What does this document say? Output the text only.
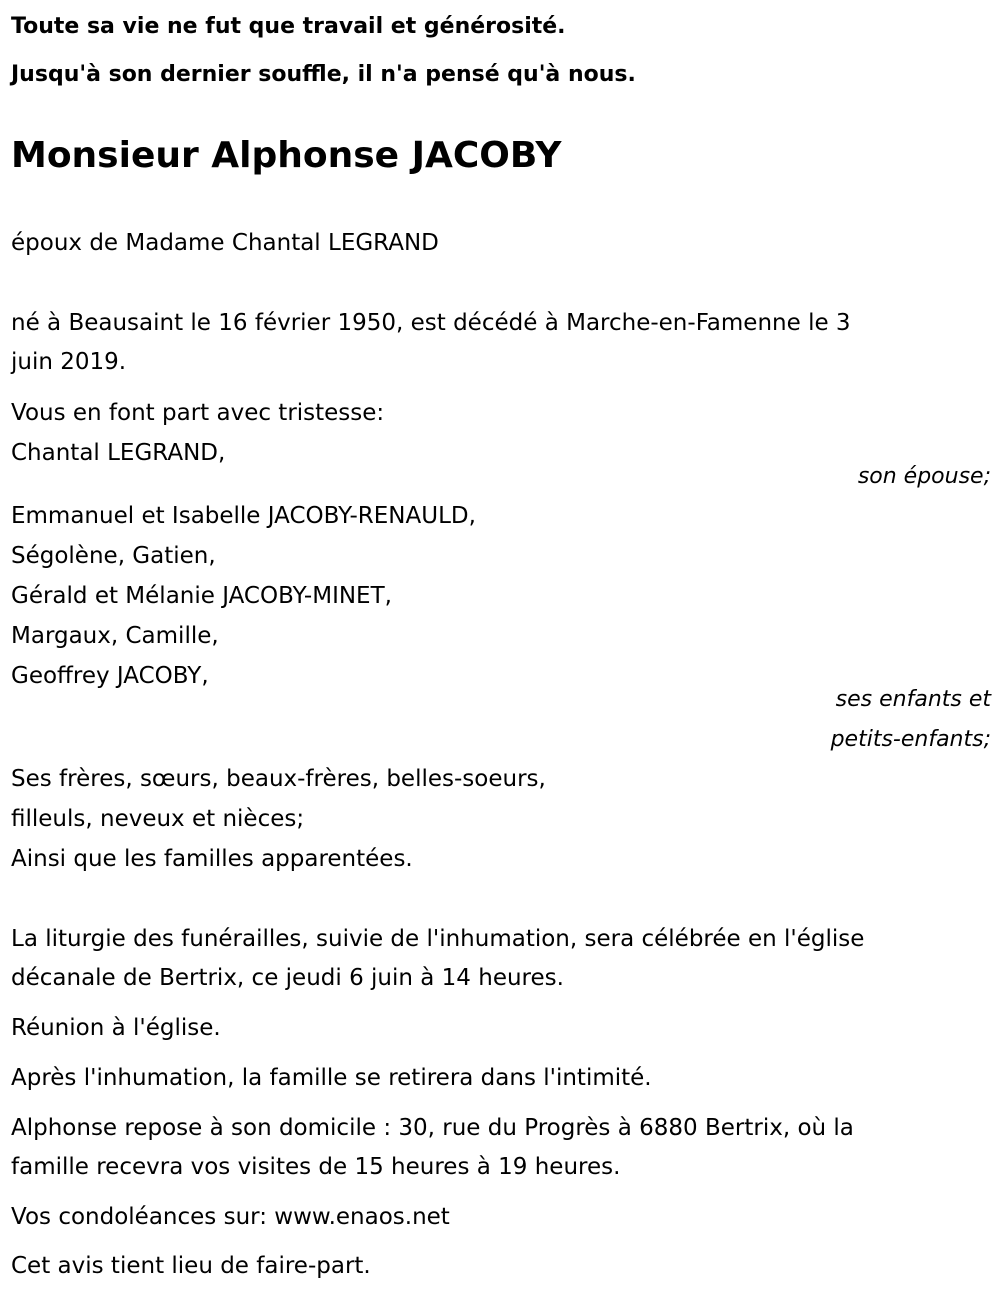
Toute sa vie ne fut que travail et générosité.
Jusqu'à son dernier souffle, il n'a pensé qu'à nous.
Monsieur Alphonse JACOBY
époux de Madame Chantal LEGRAND
né à Beausaint le 16 février 1950, est décédé à Marche-en-Famenne le 3
juin 2019.
Vous en font part avec tristesse:
Chantal LEGRAND,
son épouse;
Emmanuel et Isabelle JACOBY-RENAULD,
Ségolène, Gatien,
Gérald et Mélanie JACOBY-MINET,
Margaux, Camille,
Geoffrey JACOBY,
ses enfants et
petits-enfants;
Ses frères, sœurs, beaux-frères, belles-soeurs,
filleuls, neveux et nièces;
Ainsi que les familles apparentées.
La liturgie des funérailles, suivie de l'inhumation, sera célébrée en l'église
décanale de Bertrix, ce jeudi 6 juin à 14 heures.
Réunion à l'église.
Après l'inhumation, la famille se retirera dans l'intimité.
Alphonse repose à son domicile : 30, rue du Progrès à 6880 Bertrix, où la
famille recevra vos visites de 15 heures à 19 heures.
Vos condoléances sur: www.enaos.net
Cet avis tient lieu de faire-part.
